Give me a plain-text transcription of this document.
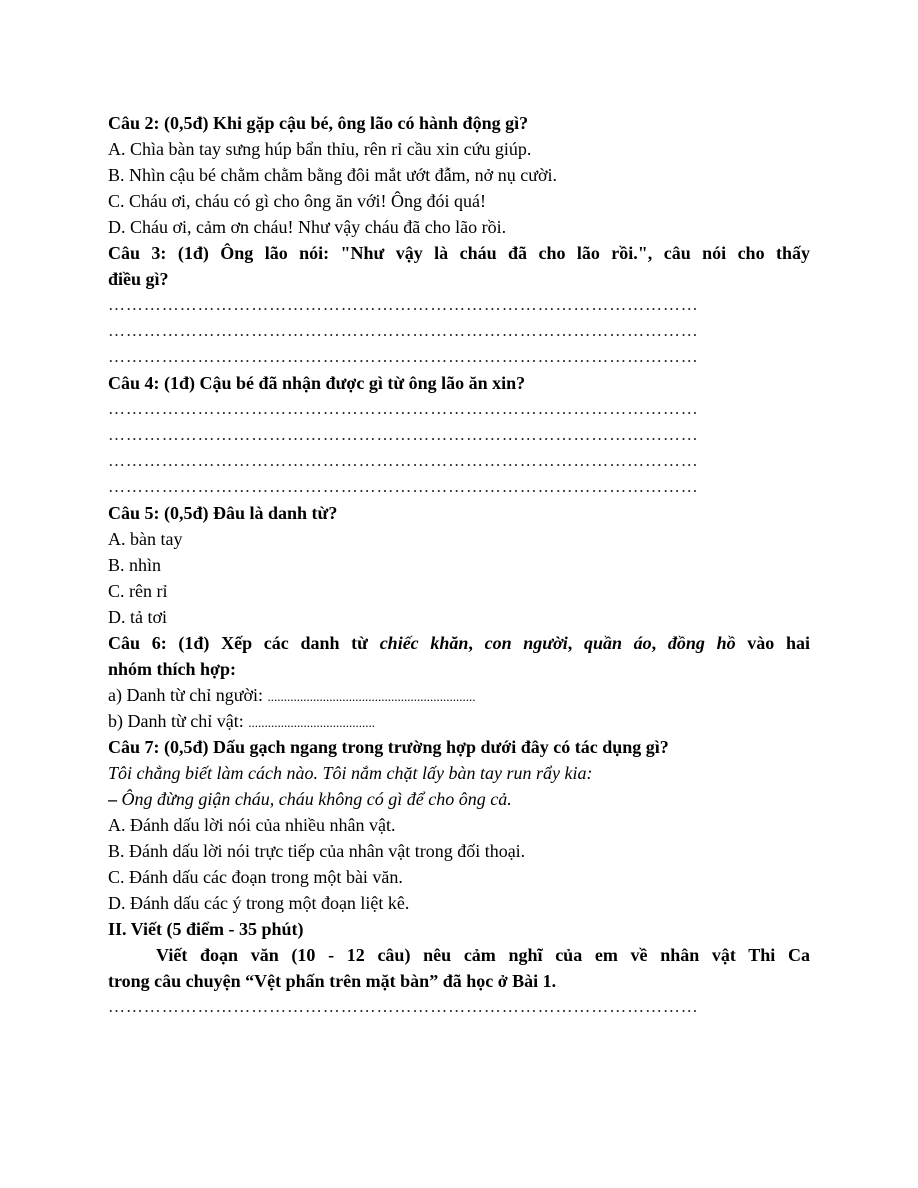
Câu 2: (0,5đ) Khi gặp cậu bé, ông lão có hành động gì?
A. Chìa bàn tay sưng húp bẩn thỉu, rên rỉ cầu xin cứu giúp.
B. Nhìn cậu bé chằm chằm bằng đôi mắt ướt đẫm, nở nụ cười.
C. Cháu ơi, cháu có gì cho ông ăn với! Ông đói quá!
D. Cháu ơi, cảm ơn cháu! Như vậy cháu đã cho lão rồi.
Câu 3: (1đ) Ông lão nói: "Như vậy là cháu đã cho lão rồi.", câu nói cho thấy
điều gì?
………………………………………………………………………………………
………………………………………………………………………………………
………………………………………………………………………………………
Câu 4: (1đ) Cậu bé đã nhận được gì từ ông lão ăn xin?
………………………………………………………………………………………
………………………………………………………………………………………
………………………………………………………………………………………
………………………………………………………………………………………
Câu 5: (0,5đ) Đâu là danh từ?
A. bàn tay
B. nhìn
C. rên rỉ
D. tả tơi
Câu 6: (1đ) Xếp các danh từ chiếc khăn, con người, quần áo, đồng hồ vào hai
nhóm thích hợp:
a) Danh từ chỉ người: ................................................................
b) Danh từ chỉ vật: .......................................
Câu 7: (0,5đ) Dấu gạch ngang trong trường hợp dưới đây có tác dụng gì?
Tôi chẳng biết làm cách nào. Tôi nắm chặt lấy bàn tay run rẩy kia:
– Ông đừng giận cháu, cháu không có gì để cho ông cả.
A. Đánh dấu lời nói của nhiều nhân vật.
B. Đánh dấu lời nói trực tiếp của nhân vật trong đối thoại.
C. Đánh dấu các đoạn trong một bài văn.
D. Đánh dấu các ý trong một đoạn liệt kê.
II. Viết (5 điểm - 35 phút)
Viết đoạn văn (10 - 12 câu) nêu cảm nghĩ của em về nhân vật Thi Ca
trong câu chuyện “Vệt phấn trên mặt bàn” đã học ở Bài 1.
………………………………………………………………………………………
